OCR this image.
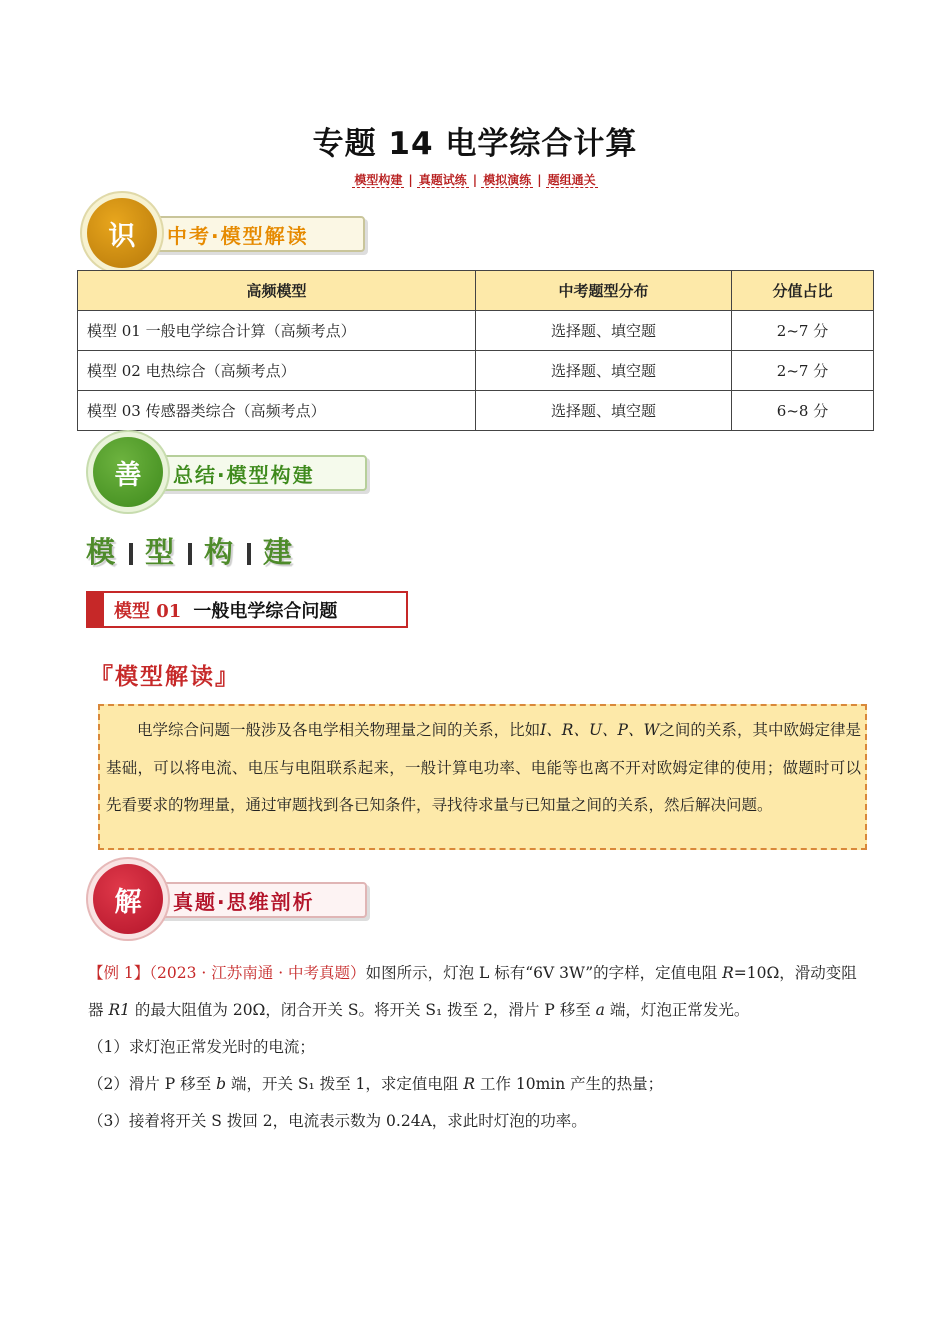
专题 14 电学综合计算
模型构建 | 真题试练 | 模拟演练 | 题组通关
中考·模型解读
识
高频模型	中考题型分布	分值占比
模型 01 一般电学综合计算（高频考点）	选择题、填空题	2~7 分
模型 02 电热综合（高频考点）	选择题、填空题	2~7 分
模型 03 传感器类综合（高频考点）	选择题、填空题	6~8 分
总结·模型构建
善
模 型 构 建
模型 01 一般电学综合问题
『模型解读』
电学综合问题一般涉及各电学相关物理量之间的关系，比如I、R、U、P、W之间的关系，其中欧姆定律是基础，可以将电流、电压与电阻联系起来，一般计算电功率、电能等也离不开对欧姆定律的使用；做题时可以先看要求的物理量，通过审题找到各已知条件，寻找待求量与已知量之间的关系，然后解决问题。
真题·思维剖析
解

【例 1】（2023 · 江苏南通 · 中考真题）如图所示，灯泡 L 标有“6V 3W”的字样，定值电阻 R=10Ω，滑动变阻器 R1 的最大阻值为 20Ω，闭合开关 S。将开关 S₁ 拨至 2，滑片 P 移至 a 端，灯泡正常发光。

（1）求灯泡正常发光时的电流；

（2）滑片 P 移至 b 端，开关 S₁ 拨至 1，求定值电阻 R 工作 10min 产生的热量；

（3）接着将开关 S 拨回 2，电流表示数为 0.24A，求此时灯泡的功率。
